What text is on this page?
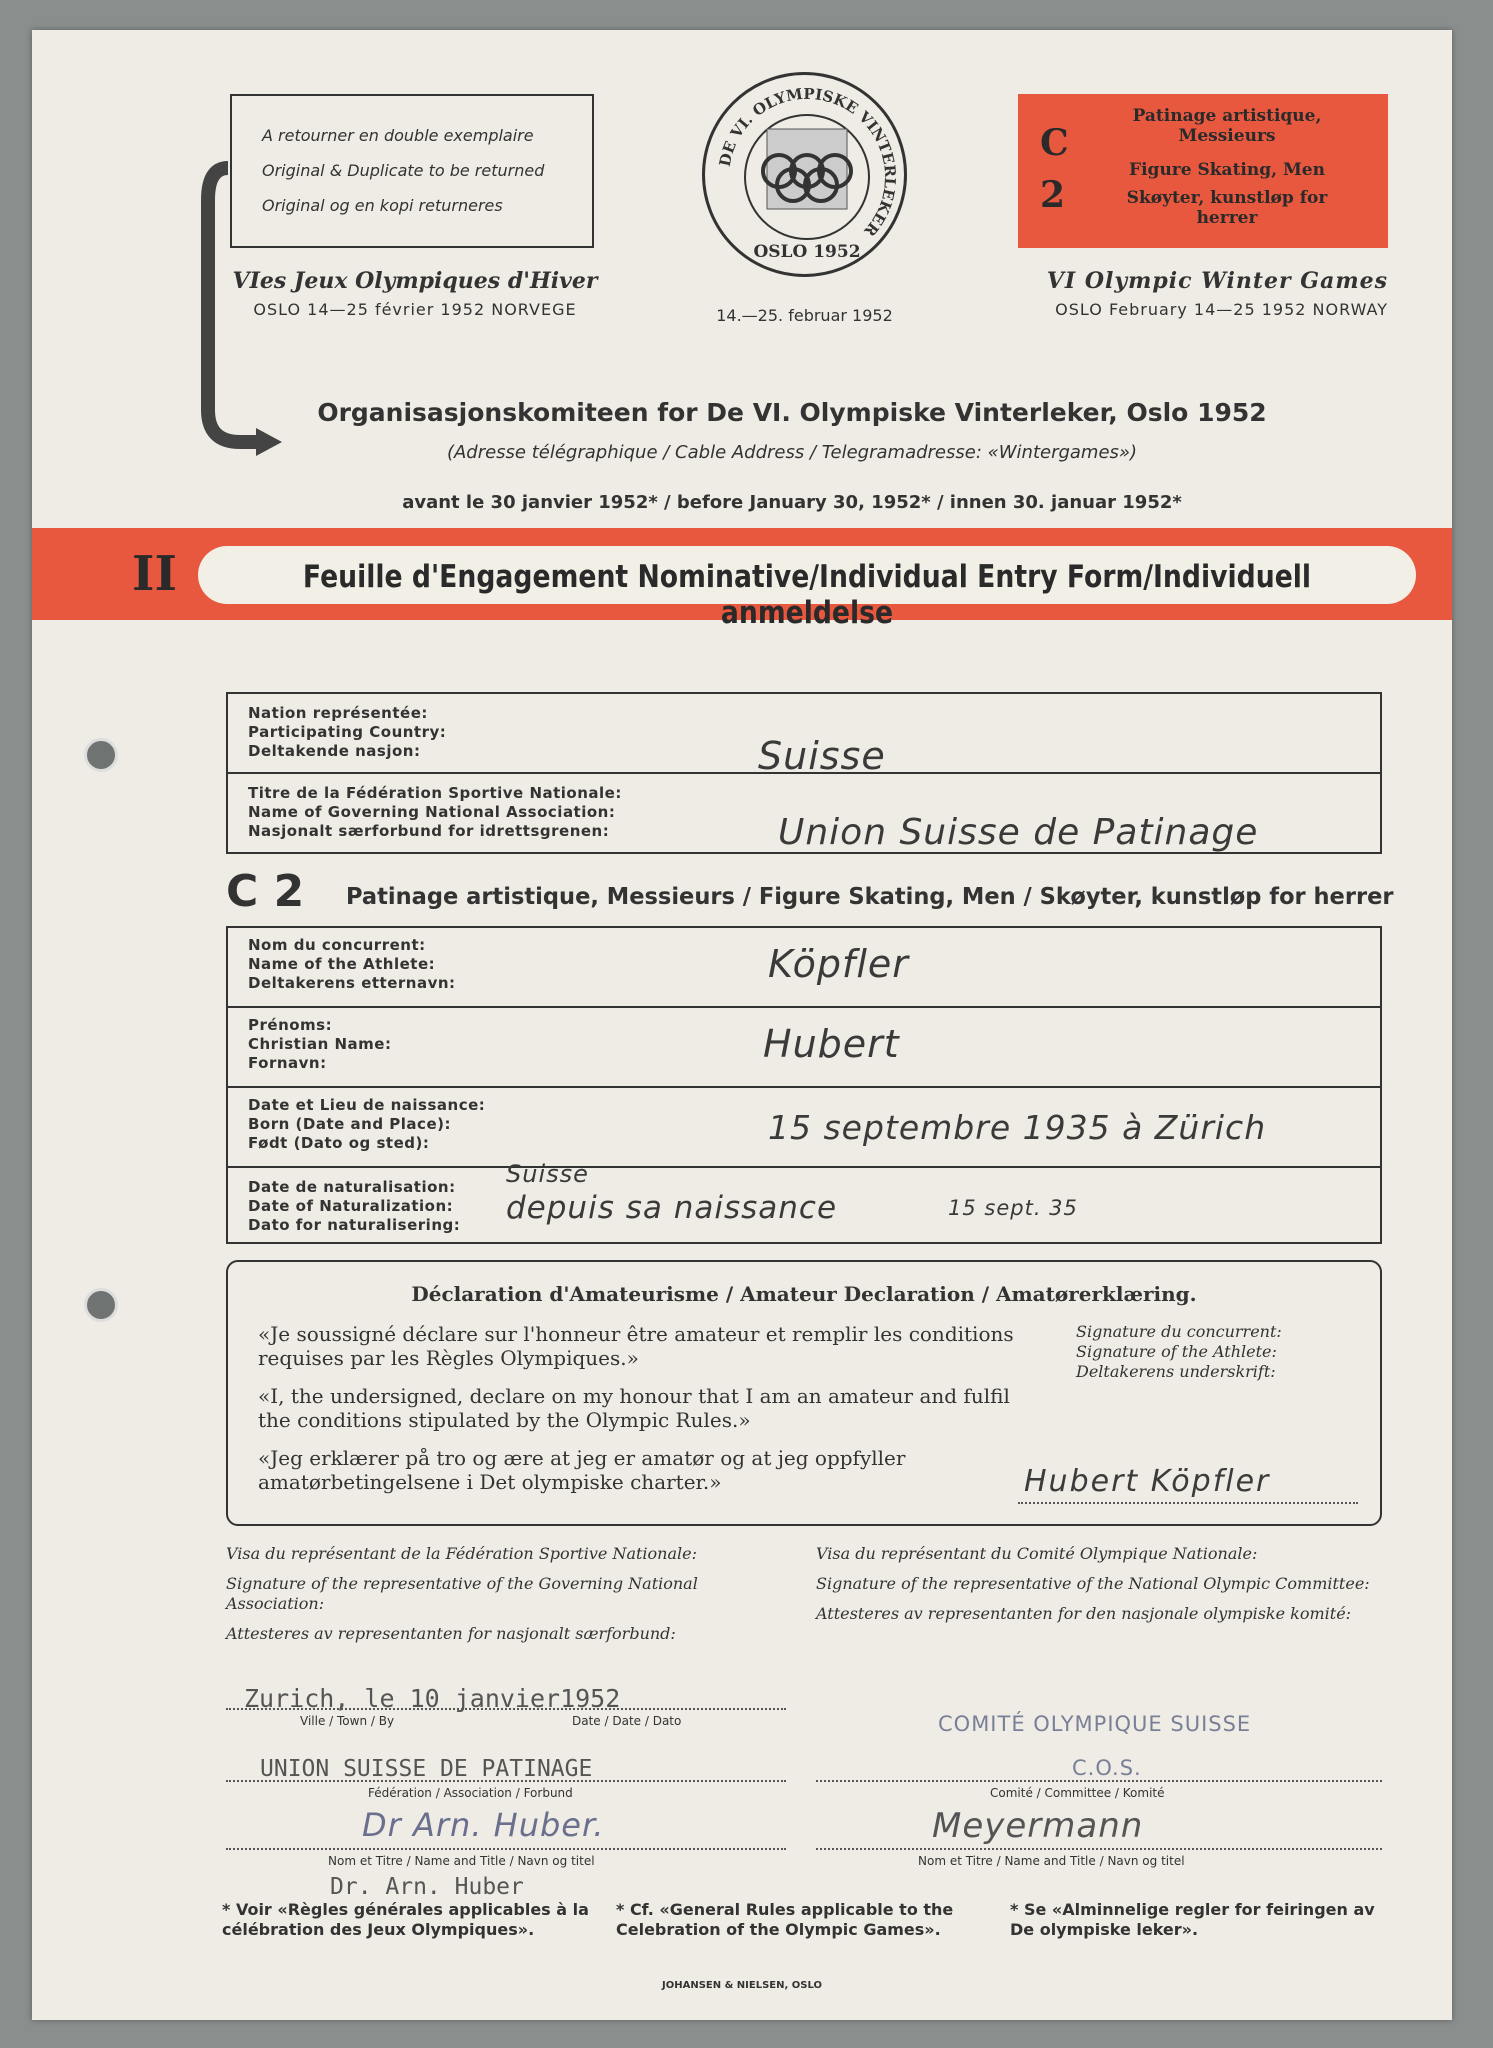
A retourner en double exemplaire
Original & Duplicate to be returned
Original og en kopi returneres
DE VI. OLYMPISKE VINTERLEKER
OSLO 1952
C
2
Patinage artistique, Messieurs
Figure Skating, Men
Skøyter, kunstløp for herrer
VIes Jeux Olympiques d'Hiver
OSLO 14—25 février 1952 NORVEGE	14.—25. februar 1952
VI Olympic Winter Games
OSLO February 14—25 1952 NORWAY
Organisasjonskomiteen for De VI. Olympiske Vinterleker, Oslo 1952
(Adresse télégraphique / Cable Address / Telegramadresse: «Wintergames»)
avant le 30 janvier 1952* / before January 30, 1952* / innen 30. januar 1952*
II	Feuille d'Engagement Nominative/Individual Entry Form/Individuell anmeldelse
Nation représentée:
Participating Country:
Deltakende nasjon:	Suisse
Titre de la Fédération Sportive Nationale:
Name of Governing National Association:
Nasjonalt særforbund for idrettsgrenen:	Union Suisse de Patinage
C 2 Patinage artistique, Messieurs / Figure Skating, Men / Skøyter, kunstløp for herrer
Nom du concurrent:
Name of the Athlete:
Deltakerens etternavn:	Köpfler
Prénoms:
Christian Name:
Fornavn:	Hubert
Date et Lieu de naissance:
Born (Date and Place):
Født (Dato og sted):	15 septembre 1935 à Zürich
Date de naturalisation:
Date of Naturalization:
Dato for naturalisering:
Suisse
depuis sa naissance	15 sept. 35
Déclaration d'Amateurisme / Amateur Declaration / Amatørerklæring.
«Je soussigné déclare sur l'honneur être amateur et remplir les conditions requises par les Règles Olympiques.»
«I, the undersigned, declare on my honour that I am an amateur and fulfil the conditions stipulated by the Olympic Rules.»
«Jeg erklærer på tro og ære at jeg er amatør og at jeg oppfyller amatørbetingelsene i Det olympiske charter.»
Signature du concurrent:
Signature of the Athlete:
Deltakerens underskrift:
Hubert Köpfler
Visa du représentant de la Fédération Sportive Nationale:
Signature of the representative of the Governing National Association:
Attesteres av representanten for nasjonalt særforbund:
Zurich, le 10 janvier1952
Ville / Town / By	Date / Date / Dato
UNION SUISSE DE PATINAGE
Fédération / Association / Forbund
Dr Arn. Huber.
Nom et Titre / Name and Title / Navn og titel
Dr. Arn. Huber
Visa du représentant du Comité Olympique Nationale:
Signature of the representative of the National Olympic Committee:
Attesteres av representanten for den nasjonale olympiske komité:
COMITÉ OLYMPIQUE SUISSE
C.O.S.
Comité / Committee / Komité
Meyermann
Nom et Titre / Name and Title / Navn og titel
* Voir «Règles générales applicables à la célébration des Jeux Olympiques».
* Cf. «General Rules applicable to the Celebration of the Olympic Games».
* Se «Alminnelige regler for feiringen av De olympiske leker».
JOHANSEN & NIELSEN, OSLO
